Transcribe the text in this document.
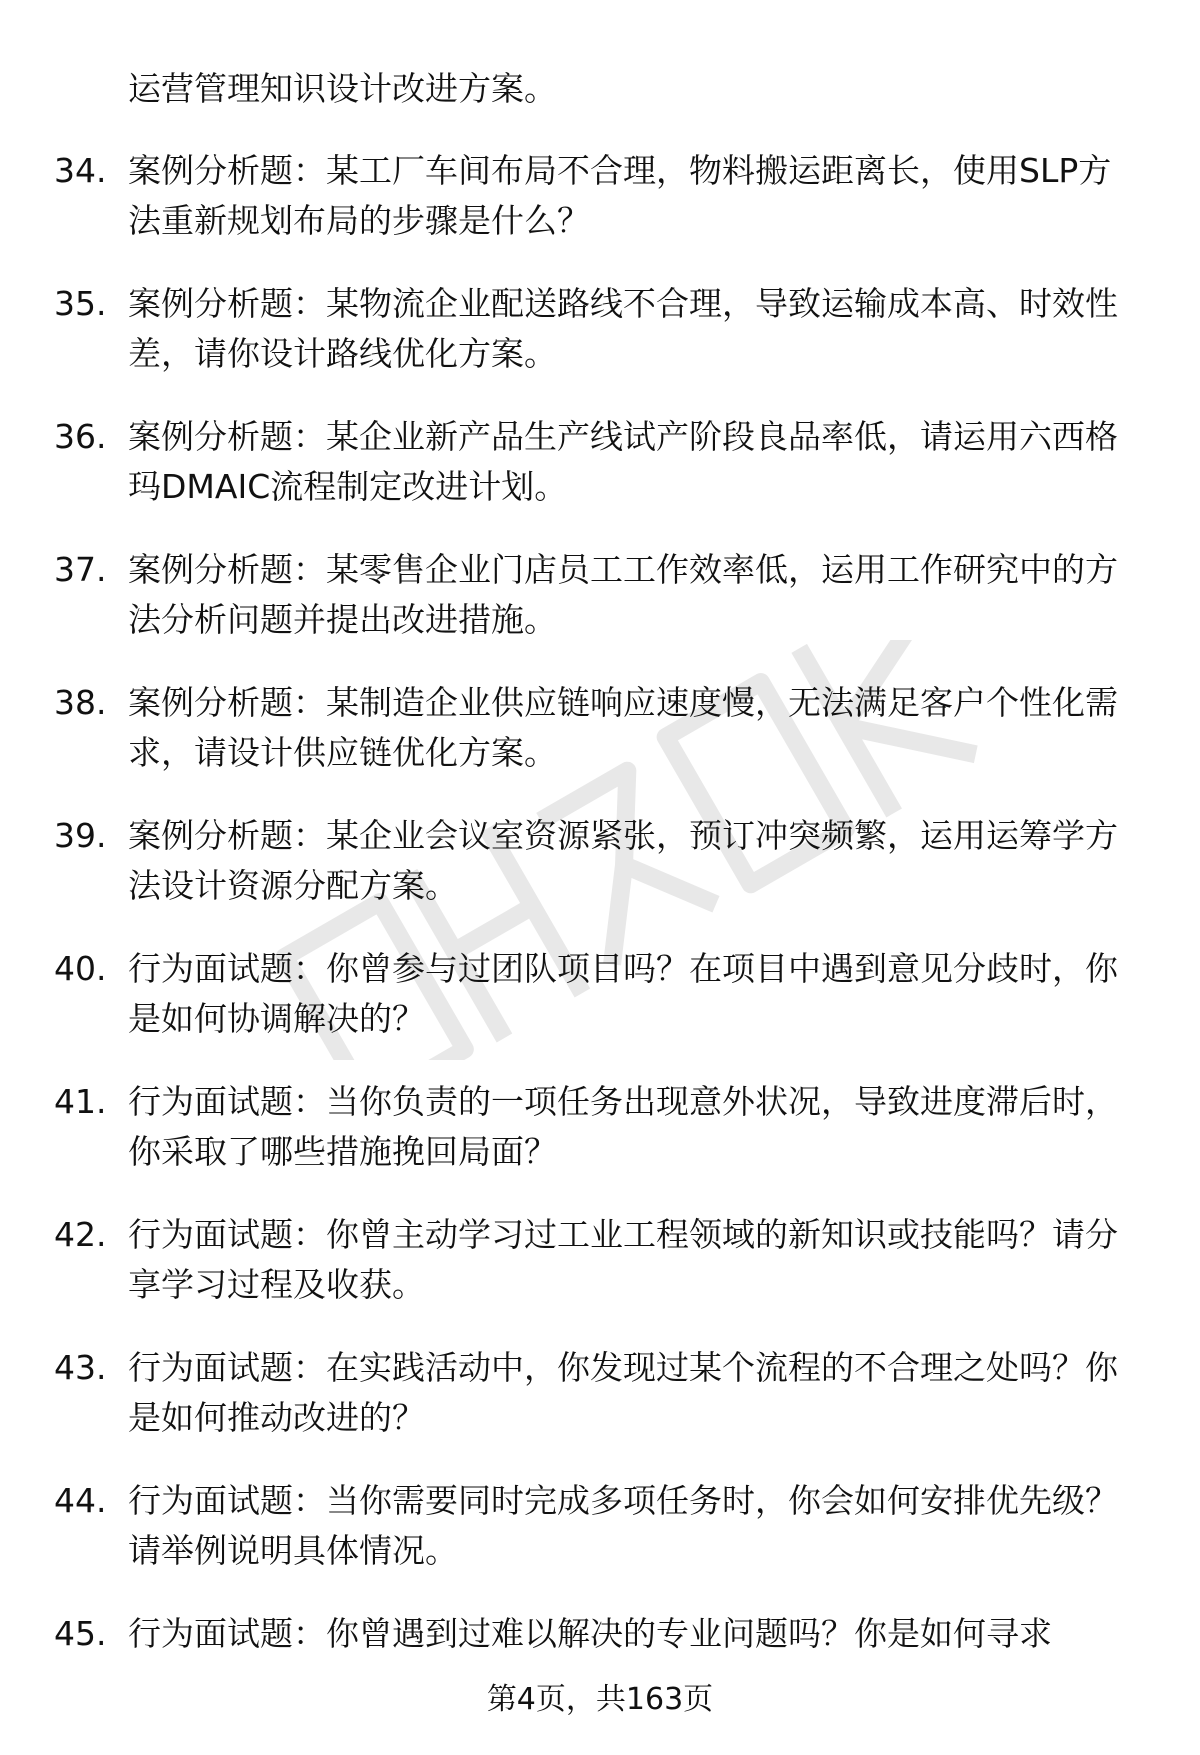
运营管理知识设计改进方案。
34. 案例分析题：某工厂车间布局不合理，物料搬运距离长，使用SLP方法重新规划布局的步骤是什么？
35. 案例分析题：某物流企业配送路线不合理，导致运输成本高、时效性差，请你设计路线优化方案。
36. 案例分析题：某企业新产品生产线试产阶段良品率低，请运用六西格玛DMAIC流程制定改进计划。
37. 案例分析题：某零售企业门店员工工作效率低，运用工作研究中的方法分析问题并提出改进措施。
38. 案例分析题：某制造企业供应链响应速度慢，无法满足客户个性化需求，请设计供应链优化方案。
39. 案例分析题：某企业会议室资源紧张，预订冲突频繁，运用运筹学方法设计资源分配方案。
40. 行为面试题：你曾参与过团队项目吗？在项目中遇到意见分歧时，你是如何协调解决的？
41. 行为面试题：当你负责的一项任务出现意外状况，导致进度滞后时，你采取了哪些措施挽回局面？
42. 行为面试题：你曾主动学习过工业工程领域的新知识或技能吗？请分享学习过程及收获。
43. 行为面试题：在实践活动中，你发现过某个流程的不合理之处吗？你是如何推动改进的？
44. 行为面试题：当你需要同时完成多项任务时，你会如何安排优先级？请举例说明具体情况。
45. 行为面试题：你曾遇到过难以解决的专业问题吗？你是如何寻求
第4页，共163页
